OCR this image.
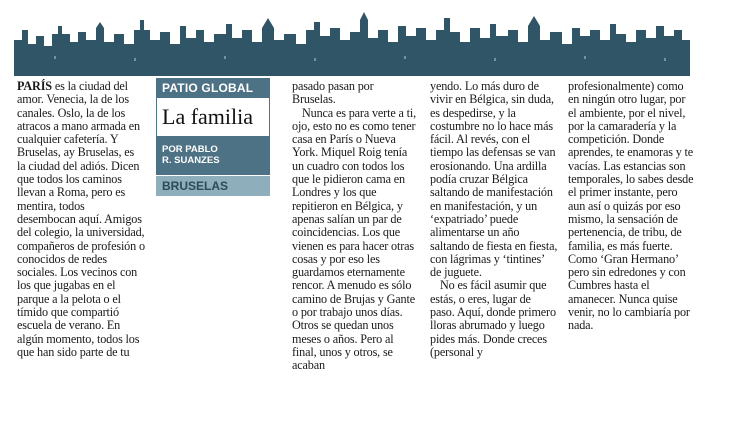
PATIO GLOBAL
La familia
POR PABLO
R. SUANZES
BRUSELAS

PARÍS es la ciudad del amor. Venecia, la de los canales. Oslo, la de los atracos a mano armada en cualquier cafetería. Y Bruselas, ay Bruselas, es la ciudad del adiós. Dicen que todos los caminos llevan a Roma, pero es mentira, todos desembocan aquí. Amigos del colegio, la universidad, compañeros de profesión o conocidos de redes sociales. Los vecinos con los que jugabas en el parque a la pelota o el tímido que compartió escuela de verano. En algún momento, todos los que han sido parte de tu

pasado pasan por Bruselas.

Nunca es para verte a ti, ojo, esto no es como tener casa en París o Nueva York. Miquel Roig tenía un cuadro con todos los que le pidieron cama en Londres y los que repitieron en Bélgica, y apenas salían un par de coincidencias. Los que vienen es para hacer otras cosas y por eso les guardamos eternamente rencor. A menudo es sólo camino de Brujas y Gante o por trabajo unos días. Otros se quedan unos meses o años. Pero al final, unos y otros, se acaban

yendo. Lo más duro de vivir en Bélgica, sin duda, es despedirse, y la costumbre no lo hace más fácil. Al revés, con el tiempo las defensas se van erosionando. Una ardilla podía cruzar Bélgica saltando de manifestación en manifestación, y un ‘expatriado’ puede alimentarse un año saltando de fiesta en fiesta, con lágrimas y ‘tintines’ de juguete.

No es fácil asumir que estás, o eres, lugar de paso. Aquí, donde primero lloras abrumado y luego pides más. Donde creces (personal y

profesionalmente) como en ningún otro lugar, por el ambiente, por el nivel, por la camaradería y la competición. Donde aprendes, te enamoras y te vacías. Las estancias son temporales, lo sabes desde el primer instante, pero aun así o quizás por eso mismo, la sensación de pertenencia, de tribu, de familia, es más fuerte. Como ‘Gran Hermano’ pero sin edredones y con Cumbres hasta el amanecer. Nunca quise venir, no lo cambiaría por nada.
